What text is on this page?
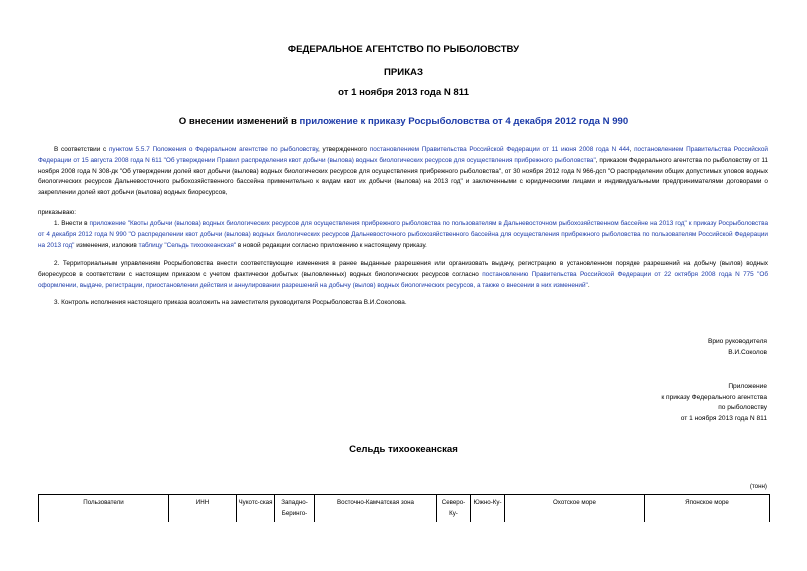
ФЕДЕРАЛЬНОЕ АГЕНТСТВО ПО РЫБОЛОВСТВУ
ПРИКАЗ
от 1 ноября 2013 года N 811
О внесении изменений в приложение к приказу Росрыболовства от 4 декабря 2012 года N 990
В соответствии с пунктом 5.5.7 Положения о Федеральном агентстве по рыболовству, утвержденного постановлением Правительства Российской Федерации от 11 июня 2008 года N 444, постановлением Правительства Российской Федерации от 15 августа 2008 года N 611 "Об утверждении Правил распределения квот добычи (вылова) водных биологических ресурсов для осуществления прибрежного рыболовства", приказом Федерального агентства по рыболовству от 11 ноября 2008 года N 308-дк "Об утверждении долей квот добычи (вылова) водных биологических ресурсов для осуществления прибрежного рыболовства", от 30 ноября 2012 года N 966-дсп "О распределении общих допустимых уловов водных биологических ресурсов Дальневосточного рыбохозяйственного бассейна применительно к видам квот их добычи (вылова) на 2013 год" и заключенными с юридическими лицами и индивидуальными предпринимателями договорами о закреплении долей квот добычи (вылова) водных биоресурсов,
приказываю:
1. Внести в приложение "Квоты добычи (вылова) водных биологических ресурсов для осуществления прибрежного рыболовства по пользователям в Дальневосточном рыбохозяйственном бассейне на 2013 год" к приказу Росрыболовства от 4 декабря 2012 года N 990 "О распределении квот добычи (вылова) водных биологических ресурсов Дальневосточного рыбохозяйственного бассейна для осуществления прибрежного рыболовства по пользователям Российской Федерации на 2013 год" изменения, изложив таблицу "Сельдь тихоокеанская" в новой редакции согласно приложению к настоящему приказу.
2. Территориальным управлениям Росрыболовства внести соответствующие изменения в ранее выданные разрешения или организовать выдачу, регистрацию в установленном порядке разрешений на добычу (вылов) водных биоресурсов в соответствии с настоящим приказом с учетом фактически добытых (выловленных) водных биологических ресурсов согласно постановлению Правительства Российской Федерации от 22 октября 2008 года N 775 "Об оформлении, выдаче, регистрации, приостановлении действия и аннулировании разрешений на добычу (вылов) водных биологических ресурсов, а также о внесении в них изменений".
3. Контроль исполнения настоящего приказа возложить на заместителя руководителя Росрыболовства В.И.Соколова.
Врио руководителя
В.И.Соколов
Приложение
к приказу Федерального агентства
по рыболовству
от 1 ноября 2013 года N 811
Сельдь тихоокеанская
(тонн)
Пользователи	ИНН	Чукотс-ская	Западно-Беринго-	Восточно-Камчатская зона	Северо-Ку-	Южно-Ку-	Охотское море	Японское море
